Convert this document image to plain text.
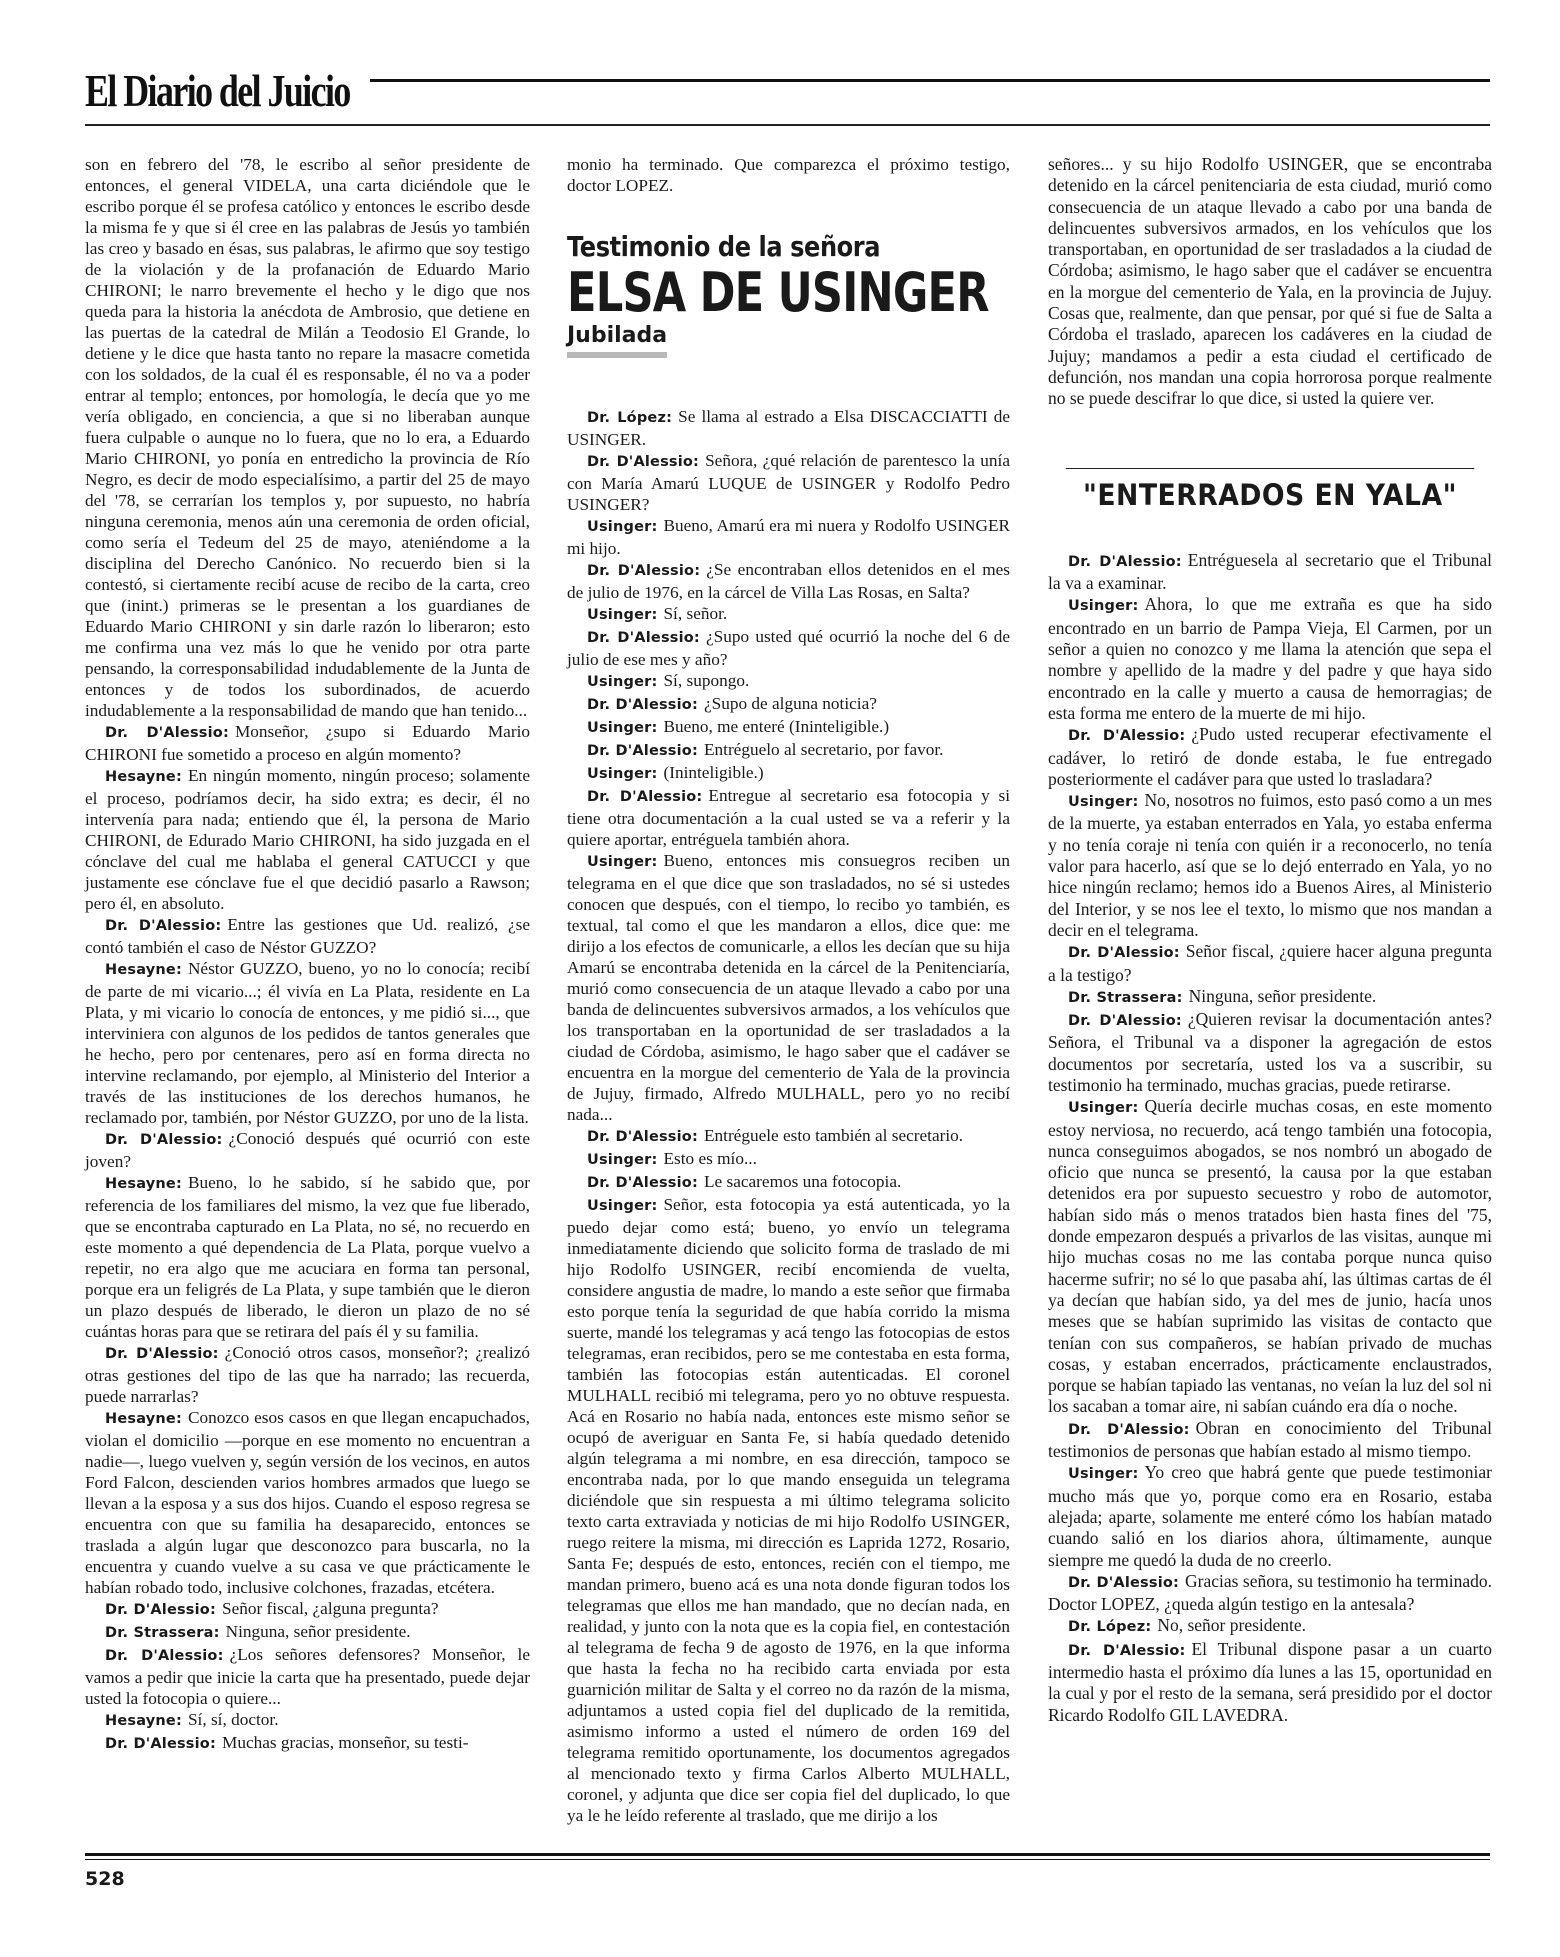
El Diario del Juicio

son en febrero del '78, le escribo al señor presidente de entonces, el general VIDELA, una carta diciéndole que le escribo porque él se profesa católico y entonces le escribo desde la misma fe y que si él cree en las palabras de Jesús yo también las creo y basado en ésas, sus palabras, le afirmo que soy testigo de la violación y de la profanación de Eduardo Mario CHIRONI; le narro brevemente el hecho y le digo que nos queda para la historia la anécdota de Ambrosio, que detiene en las puertas de la catedral de Milán a Teodosio El Grande, lo detiene y le dice que hasta tanto no repare la masacre cometida con los soldados, de la cual él es responsable, él no va a poder entrar al templo; entonces, por homología, le decía que yo me vería obligado, en conciencia, a que si no liberaban aunque fuera culpable o aunque no lo fuera, que no lo era, a Eduardo Mario CHIRONI, yo ponía en entredicho la provincia de Río Negro, es decir de modo especialísimo, a partir del 25 de mayo del '78, se cerrarían los templos y, por supuesto, no habría ninguna ceremonia, menos aún una ceremonia de orden oficial, como sería el Tedeum del 25 de mayo, ateniéndome a la disciplina del Derecho Canónico. No recuerdo bien si la contestó, si ciertamente recibí acuse de recibo de la carta, creo que (inint.) primeras se le presentan a los guardianes de Eduardo Mario CHIRONI y sin darle razón lo liberaron; esto me confirma una vez más lo que he venido por otra parte pensando, la corresponsabilidad indudablemente de la Junta de entonces y de todos los subordinados, de acuerdo indudablemente a la responsabilidad de mando que han tenido...

Dr. D'Alessio: Monseñor, ¿supo si Eduardo Mario CHIRONI fue sometido a proceso en algún momento?

Hesayne: En ningún momento, ningún proceso; solamente el proceso, podríamos decir, ha sido extra; es decir, él no intervenía para nada; entiendo que él, la persona de Mario CHIRONI, de Edurado Mario CHIRONI, ha sido juzgada en el cónclave del cual me hablaba el general CATUCCI y que justamente ese cónclave fue el que decidió pasarlo a Rawson; pero él, en absoluto.

Dr. D'Alessio: Entre las gestiones que Ud. realizó, ¿se contó también el caso de Néstor GUZZO?

Hesayne: Néstor GUZZO, bueno, yo no lo conocía; recibí de parte de mi vicario...; él vivía en La Plata, residente en La Plata, y mi vicario lo conocía de entonces, y me pidió si..., que interviniera con algunos de los pedidos de tantos generales que he hecho, pero por centenares, pero así en forma directa no intervine reclamando, por ejemplo, al Ministerio del Interior a través de las instituciones de los derechos humanos, he reclamado por, también, por Néstor GUZZO, por uno de la lista.

Dr. D'Alessio: ¿Conoció después qué ocurrió con este joven?

Hesayne: Bueno, lo he sabido, sí he sabido que, por referencia de los familiares del mismo, la vez que fue liberado, que se encontraba capturado en La Plata, no sé, no recuerdo en este momento a qué dependencia de La Plata, porque vuelvo a repetir, no era algo que me acuciara en forma tan personal, porque era un feligrés de La Plata, y supe también que le dieron un plazo después de liberado, le dieron un plazo de no sé cuántas horas para que se retirara del país él y su familia.

Dr. D'Alessio: ¿Conoció otros casos, monseñor?; ¿realizó otras gestiones del tipo de las que ha narrado; las recuerda, puede narrarlas?

Hesayne: Conozco esos casos en que llegan encapuchados, violan el domicilio —porque en ese momento no encuentran a nadie—, luego vuelven y, según versión de los vecinos, en autos Ford Falcon, descienden varios hombres armados que luego se llevan a la esposa y a sus dos hijos. Cuando el esposo regresa se encuentra con que su familia ha desaparecido, entonces se traslada a algún lugar que desconozco para buscarla, no la encuentra y cuando vuelve a su casa ve que prácticamente le habían robado todo, inclusive colchones, frazadas, etcétera.

Dr. D'Alessio: Señor fiscal, ¿alguna pregunta?

Dr. Strassera: Ninguna, señor presidente.

Dr. D'Alessio: ¿Los señores defensores? Monseñor, le vamos a pedir que inicie la carta que ha presentado, puede dejar usted la fotocopia o quiere...

Hesayne: Sí, sí, doctor.

Dr. D'Alessio: Muchas gracias, monseñor, su testi-

monio ha terminado. Que comparezca el próximo testigo, doctor LOPEZ.

Testimonio de la señora
ELSA DE USINGER
Jubilada

Dr. López: Se llama al estrado a Elsa DISCACCIATTI de USINGER.

Dr. D'Alessio: Señora, ¿qué relación de parentesco la unía con María Amarú LUQUE de USINGER y Rodolfo Pedro USINGER?

Usinger: Bueno, Amarú era mi nuera y Rodolfo USINGER mi hijo.

Dr. D'Alessio: ¿Se encontraban ellos detenidos en el mes de julio de 1976, en la cárcel de Villa Las Rosas, en Salta?

Usinger: Sí, señor.

Dr. D'Alessio: ¿Supo usted qué ocurrió la noche del 6 de julio de ese mes y año?

Usinger: Sí, supongo.

Dr. D'Alessio: ¿Supo de alguna noticia?

Usinger: Bueno, me enteré (Ininteligible.)

Dr. D'Alessio: Entréguelo al secretario, por favor.

Usinger: (Ininteligible.)

Dr. D'Alessio: Entregue al secretario esa fotocopia y si tiene otra documentación a la cual usted se va a referir y la quiere aportar, entréguela también ahora.

Usinger: Bueno, entonces mis consuegros reciben un telegrama en el que dice que son trasladados, no sé si ustedes conocen que después, con el tiempo, lo recibo yo también, es textual, tal como el que les mandaron a ellos, dice que: me dirijo a los efectos de comunicarle, a ellos les decían que su hija Amarú se encontraba detenida en la cárcel de la Penitenciaría, murió como consecuencia de un ataque llevado a cabo por una banda de delincuentes subversivos armados, a los vehículos que los transportaban en la oportunidad de ser trasladados a la ciudad de Córdoba, asimismo, le hago saber que el cadáver se encuentra en la morgue del cementerio de Yala de la provincia de Jujuy, firmado, Alfredo MULHALL, pero yo no recibí nada...

Dr. D'Alessio: Entréguele esto también al secretario.

Usinger: Esto es mío...

Dr. D'Alessio: Le sacaremos una fotocopia.

Usinger: Señor, esta fotocopia ya está autenticada, yo la puedo dejar como está; bueno, yo envío un telegrama inmediatamente diciendo que solicito forma de traslado de mi hijo Rodolfo USINGER, recibí encomienda de vuelta, considere angustia de madre, lo mando a este señor que firmaba esto porque tenía la seguridad de que había corrido la misma suerte, mandé los telegramas y acá tengo las fotocopias de estos telegramas, eran recibidos, pero se me contestaba en esta forma, también las fotocopias están autenticadas. El coronel MULHALL recibió mi telegrama, pero yo no obtuve respuesta. Acá en Rosario no había nada, entonces este mismo señor se ocupó de averiguar en Santa Fe, si había quedado detenido algún telegrama a mi nombre, en esa dirección, tampoco se encontraba nada, por lo que mando enseguida un telegrama diciéndole que sin respuesta a mi último telegrama solicito texto carta extraviada y noticias de mi hijo Rodolfo USINGER, ruego reitere la misma, mi dirección es Laprida 1272, Rosario, Santa Fe; después de esto, entonces, recién con el tiempo, me mandan primero, bueno acá es una nota donde figuran todos los telegramas que ellos me han mandado, que no decían nada, en realidad, y junto con la nota que es la copia fiel, en contestación al telegrama de fecha 9 de agosto de 1976, en la que informa que hasta la fecha no ha recibido carta enviada por esta guarnición militar de Salta y el correo no da razón de la misma, adjuntamos a usted copia fiel del duplicado de la remitida, asimismo informo a usted el número de orden 169 del telegrama remitido oportunamente, los documentos agregados al mencionado texto y firma Carlos Alberto MULHALL, coronel, y adjunta que dice ser copia fiel del duplicado, lo que ya le he leído referente al traslado, que me dirijo a los

señores... y su hijo Rodolfo USINGER, que se encontraba detenido en la cárcel penitenciaria de esta ciudad, murió como consecuencia de un ataque llevado a cabo por una banda de delincuentes subversivos armados, en los vehículos que los transportaban, en oportunidad de ser trasladados a la ciudad de Córdoba; asimismo, le hago saber que el cadáver se encuentra en la morgue del cementerio de Yala, en la provincia de Jujuy. Cosas que, realmente, dan que pensar, por qué si fue de Salta a Córdoba el traslado, aparecen los cadáveres en la ciudad de Jujuy; mandamos a pedir a esta ciudad el certificado de defunción, nos mandan una copia horrorosa porque realmente no se puede descifrar lo que dice, si usted la quiere ver.

"ENTERRADOS EN YALA"

Dr. D'Alessio: Entréguesela al secretario que el Tribunal la va a examinar.

Usinger: Ahora, lo que me extraña es que ha sido encontrado en un barrio de Pampa Vieja, El Carmen, por un señor a quien no conozco y me llama la atención que sepa el nombre y apellido de la madre y del padre y que haya sido encontrado en la calle y muerto a causa de hemorragias; de esta forma me entero de la muerte de mi hijo.

Dr. D'Alessio: ¿Pudo usted recuperar efectivamente el cadáver, lo retiró de donde estaba, le fue entregado posteriormente el cadáver para que usted lo trasladara?

Usinger: No, nosotros no fuimos, esto pasó como a un mes de la muerte, ya estaban enterrados en Yala, yo estaba enferma y no tenía coraje ni tenía con quién ir a reconocerlo, no tenía valor para hacerlo, así que se lo dejó enterrado en Yala, yo no hice ningún reclamo; hemos ido a Buenos Aires, al Ministerio del Interior, y se nos lee el texto, lo mismo que nos mandan a decir en el telegrama.

Dr. D'Alessio: Señor fiscal, ¿quiere hacer alguna pregunta a la testigo?

Dr. Strassera: Ninguna, señor presidente.

Dr. D'Alessio: ¿Quieren revisar la documentación antes? Señora, el Tribunal va a disponer la agregación de estos documentos por secretaría, usted los va a suscribir, su testimonio ha terminado, muchas gracias, puede retirarse.

Usinger: Quería decirle muchas cosas, en este momento estoy nerviosa, no recuerdo, acá tengo también una fotocopia, nunca conseguimos abogados, se nos nombró un abogado de oficio que nunca se presentó, la causa por la que estaban detenidos era por supuesto secuestro y robo de automotor, habían sido más o menos tratados bien hasta fines del '75, donde empezaron después a privarlos de las visitas, aunque mi hijo muchas cosas no me las contaba porque nunca quiso hacerme sufrir; no sé lo que pasaba ahí, las últimas cartas de él ya decían que habían sido, ya del mes de junio, hacía unos meses que se habían suprimido las visitas de contacto que tenían con sus compañeros, se habían privado de muchas cosas, y estaban encerrados, prácticamente enclaustrados, porque se habían tapiado las ventanas, no veían la luz del sol ni los sacaban a tomar aire, ni sabían cuándo era día o noche.

Dr. D'Alessio: Obran en conocimiento del Tribunal testimonios de personas que habían estado al mismo tiempo.

Usinger: Yo creo que habrá gente que puede testimoniar mucho más que yo, porque como era en Rosario, estaba alejada; aparte, solamente me enteré cómo los habían matado cuando salió en los diarios ahora, últimamente, aunque siempre me quedó la duda de no creerlo.

Dr. D'Alessio: Gracias señora, su testimonio ha terminado. Doctor LOPEZ, ¿queda algún testigo en la antesala?

Dr. López: No, señor presidente.

Dr. D'Alessio: El Tribunal dispone pasar a un cuarto intermedio hasta el próximo día lunes a las 15, oportunidad en la cual y por el resto de la semana, será presidido por el doctor Ricardo Rodolfo GIL LAVEDRA.

528
